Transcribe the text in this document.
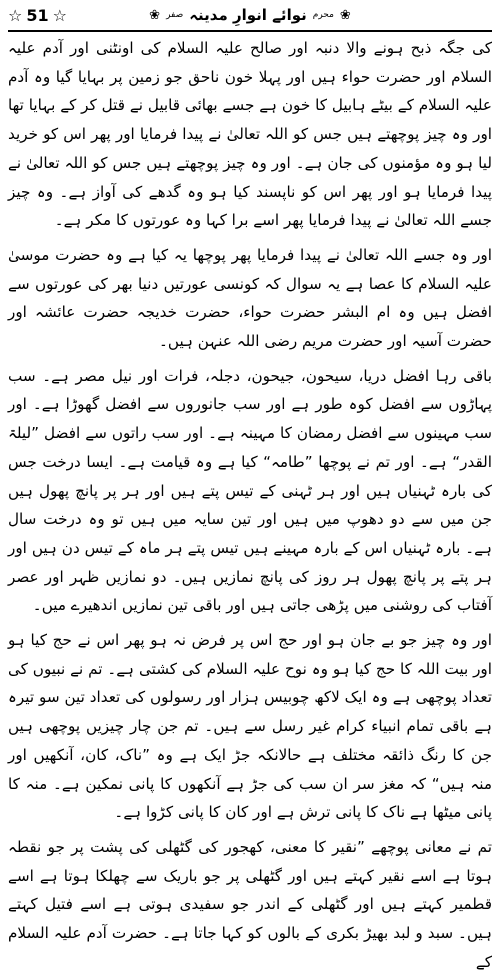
☆ 51 ☆	❀
محرم
نوائے انوارِ مدینہ
صفر
❀

کی جگہ ذبح ہونے والا دنبہ اور صالح علیہ السلام کی اونٹنی اور آدم علیہ السلام اور حضرت حواء ہیں اور پہلا خون ناحق جو زمین پر بہایا گیا وہ آدم علیہ السلام کے بیٹے ہابیل کا خون ہے جسے بھائی قابیل نے قتل کر کے بہایا تھا اور وہ چیز پوچھتے ہیں جس کو اللہ تعالیٰ نے پیدا فرمایا اور پھر اس کو خرید لیا ہو وہ مؤمنوں کی جان ہے۔ اور وہ چیز پوچھتے ہیں جس کو اللہ تعالیٰ نے پیدا فرمایا ہو اور پھر اس کو ناپسند کیا ہو وہ گدھے کی آواز ہے۔ وہ چیز جسے اللہ تعالیٰ نے پیدا فرمایا پھر اسے برا کہا وہ عورتوں کا مکر ہے۔

اور وہ جسے اللہ تعالیٰ نے پیدا فرمایا پھر پوچھا یہ کیا ہے وہ حضرت موسیٰ علیہ السلام کا عصا ہے یہ سوال کہ کونسی عورتیں دنیا بھر کی عورتوں سے افضل ہیں وہ ام البشر حضرت حواء، حضرت خدیجہ حضرت عائشہ اور حضرت آسیہ اور حضرت مریم رضی اللہ عنہن ہیں۔

باقی رہا افضل دریا، سیحون، جیحون، دجلہ، فرات اور نیل مصر ہے۔ سب پہاڑوں سے افضل کوہ طور ہے اور سب جانوروں سے افضل گھوڑا ہے۔ اور سب مہینوں سے افضل رمضان کا مہینہ ہے۔ اور سب راتوں سے افضل ”لیلۃ القدر“ ہے۔ اور تم نے پوچھا ”طامہ“ کیا ہے وہ قیامت ہے۔ ایسا درخت جس کی بارہ ٹہنیاں ہیں اور ہر ٹہنی کے تیس پتے ہیں اور ہر پر پانچ پھول ہیں جن میں سے دو دھوپ میں ہیں اور تین سایہ میں ہیں تو وہ درخت سال ہے۔ بارہ ٹہنیاں اس کے بارہ مہینے ہیں تیس پتے ہر ماہ کے تیس دن ہیں اور ہر پتے پر پانچ پھول ہر روز کی پانچ نمازیں ہیں۔ دو نمازیں ظہر اور عصر آفتاب کی روشنی میں پڑھی جاتی ہیں اور باقی تین نمازیں اندھیرے میں۔

اور وہ چیز جو بے جان ہو اور حج اس پر فرض نہ ہو پھر اس نے حج کیا ہو اور بیت اللہ کا حج کیا ہو وہ نوح علیہ السلام کی کشتی ہے۔ تم نے نبیوں کی تعداد پوچھی ہے وہ ایک لاکھ چوبیس ہزار اور رسولوں کی تعداد تین سو تیرہ ہے باقی تمام انبیاء کرام غیر رسل سے ہیں۔ تم جن چار چیزیں پوچھی ہیں جن کا رنگ ذائقہ مختلف ہے حالانکہ جڑ ایک ہے وہ ”ناک، کان، آنکھیں اور منہ ہیں“ کہ مغز سر ان سب کی جڑ ہے آنکھوں کا پانی نمکین ہے۔ منہ کا پانی میٹھا ہے ناک کا پانی ترش ہے اور کان کا پانی کڑوا ہے۔

تم نے معانی پوچھے ”نقیر کا معنی، کھجور کی گٹھلی کی پشت پر جو نقطہ ہوتا ہے اسے نقیر کہتے ہیں اور گٹھلی پر جو باریک سے چھلکا ہوتا ہے اسے قطمیر کہتے ہیں اور گٹھلی کے اندر جو سفیدی ہوتی ہے اسے فتیل کہتے ہیں۔ سبد و لبد بھیڑ بکری کے بالوں کو کہا جاتا ہے۔ حضرت آدم علیہ السلام کے
